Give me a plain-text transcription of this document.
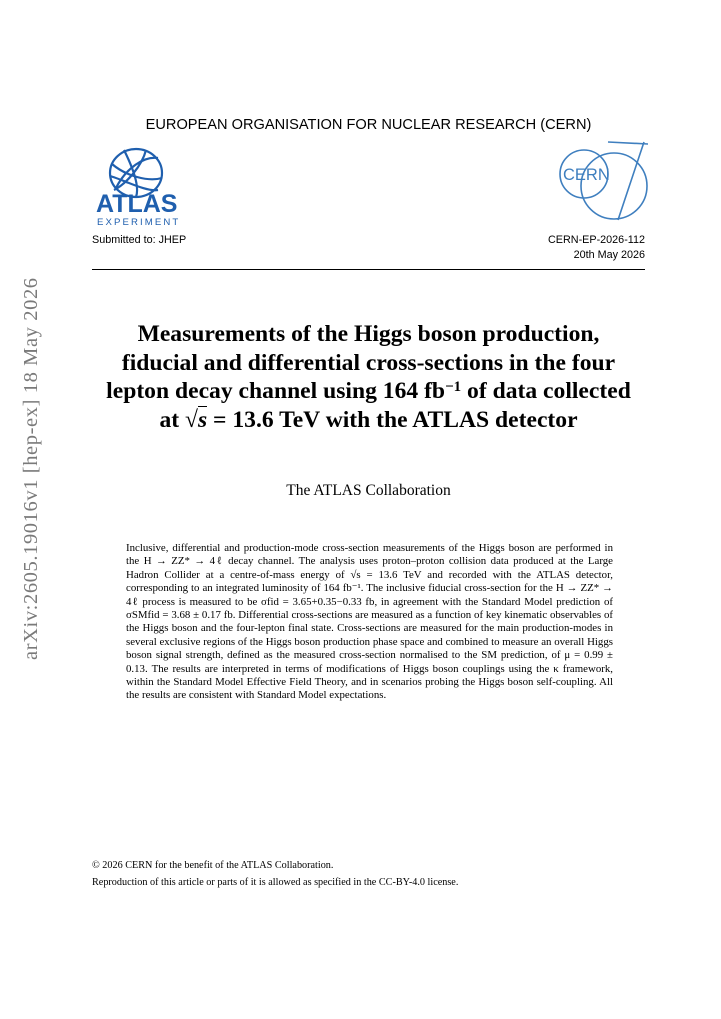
arXiv:2605.19016v1 [hep-ex] 18 May 2026
EUROPEAN ORGANISATION FOR NUCLEAR RESEARCH (CERN)
ATLAS
EXPERIMENT
CERN
Submitted to: JHEP	CERN-EP-2026-112
20th May 2026
Measurements of the Higgs boson production,
fiducial and differential cross-sections in the four
lepton decay channel using 164 $fb^{-1}$ of data collected
at √s = 13.6 TeV with the ATLAS detector
The ATLAS Collaboration

Inclusive, differential and production-mode cross-section measurements of the Higgs boson are performed in the H → ZZ* → 4ℓ decay channel. The analysis uses proton–proton collision data produced at the Large Hadron Collider at a centre-of-mass energy of √s = 13.6 TeV and recorded with the ATLAS detector, corresponding to an integrated luminosity of 164 fb⁻¹. The inclusive fiducial cross-section for the H → ZZ* → 4ℓ process is measured to be σfid = 3.65+0.35−0.33 fb, in agreement with the Standard Model prediction of σSMfid = 3.68 ± 0.17 fb. Differential cross-sections are measured as a function of key kinematic observables of the Higgs boson and the four-lepton final state. Cross-sections are measured for the main production-modes in several exclusive regions of the Higgs boson production phase space and combined to measure an overall Higgs boson signal strength, defined as the measured cross-section normalised to the SM prediction, of μ = 0.99 ± 0.13. The results are interpreted in terms of modifications of Higgs boson couplings using the κ framework, within the Standard Model Effective Field Theory, and in scenarios probing the Higgs boson self-coupling. All the results are consistent with Standard Model expectations.

© 2026 CERN for the benefit of the ATLAS Collaboration.
Reproduction of this article or parts of it is allowed as specified in the CC-BY-4.0 license.
